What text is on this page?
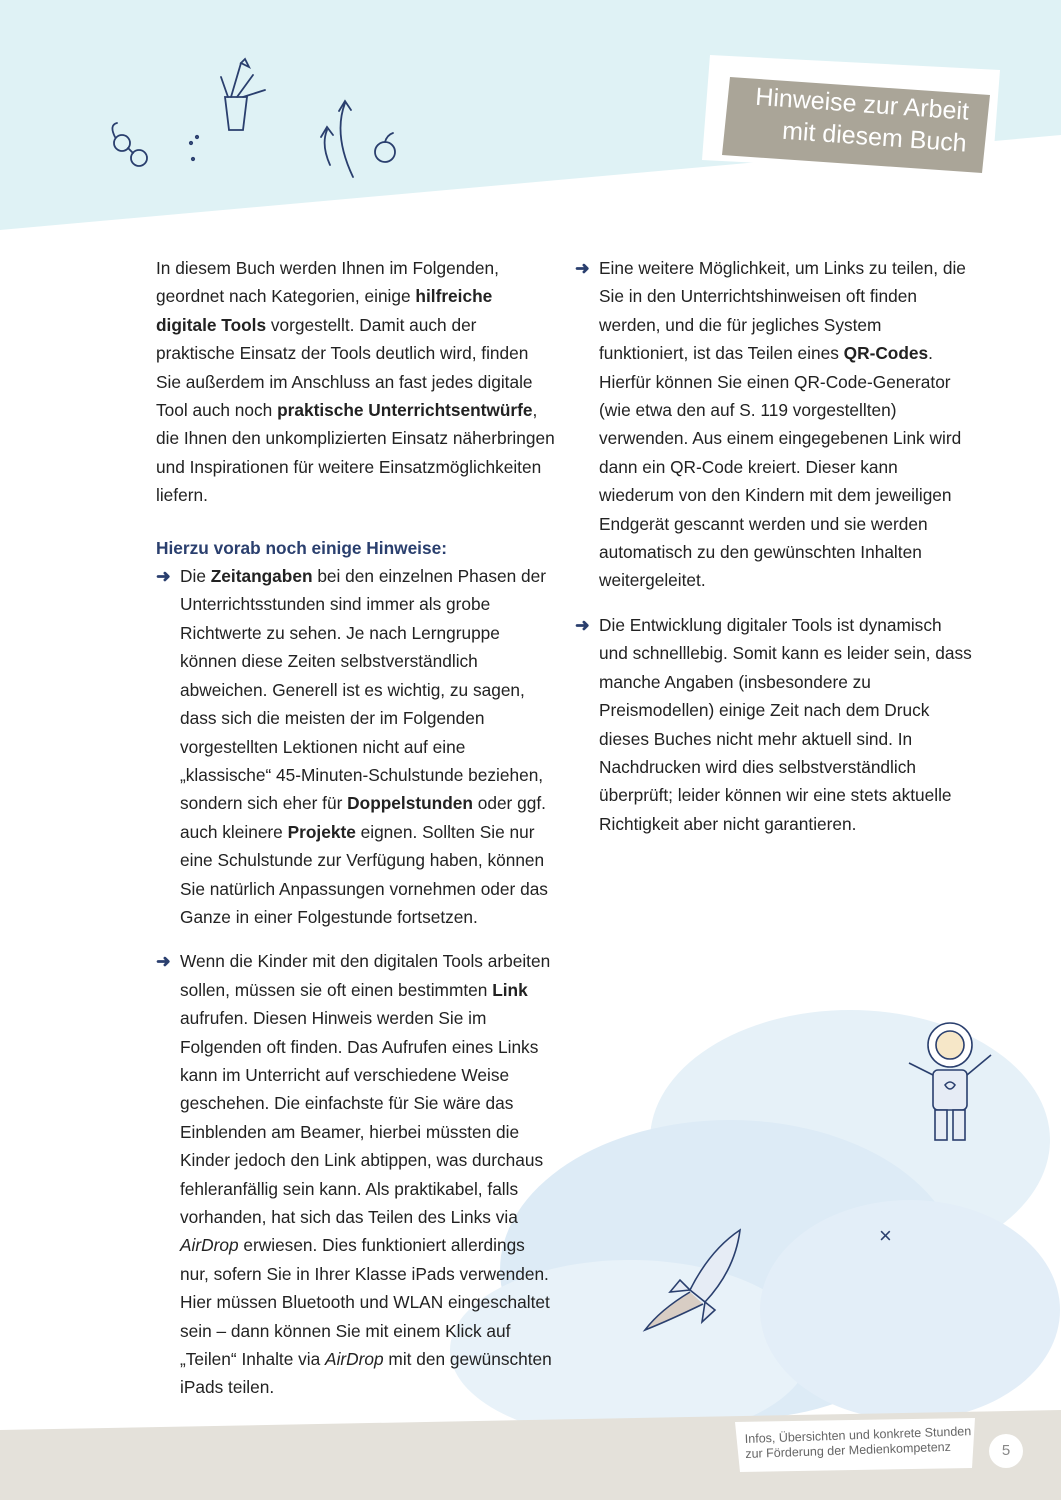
Hinweise zur Arbeit
mit diesem Buch
×

In diesem Buch werden Ihnen im Folgenden, geordnet nach Kategorien, einige hilfreiche digitale Tools vorgestellt. Damit auch der praktische Einsatz der Tools deutlich wird, finden Sie außerdem im Anschluss an fast jedes digitale Tool auch noch praktische Unterrichtsentwürfe, die Ihnen den unkomplizierten Einsatz näherbringen und Inspirationen für weitere Einsatzmöglichkeiten liefern.

Hierzu vorab noch einige Hinweise:

➜ Die Zeitangaben bei den einzelnen Phasen der Unterrichtsstunden sind immer als grobe Richtwerte zu sehen. Je nach Lerngruppe können diese Zeiten selbstverständlich abweichen. Generell ist es wichtig, zu sagen, dass sich die meisten der im Folgenden vorgestellten Lektionen nicht auf eine „klassische“ 45-Minuten-Schulstunde beziehen, sondern sich eher für Doppelstunden oder ggf. auch kleinere Projekte eignen. Sollten Sie nur eine Schulstunde zur Verfügung haben, können Sie natürlich Anpassungen vornehmen oder das Ganze in einer Folgestunde fortsetzen.

➜ Wenn die Kinder mit den digitalen Tools arbeiten sollen, müssen sie oft einen bestimmten Link aufrufen. Diesen Hinweis werden Sie im Folgenden oft finden. Das Aufrufen eines Links kann im Unterricht auf verschiedene Weise geschehen. Die einfachste für Sie wäre das Einblenden am Beamer, hierbei müssten die Kinder jedoch den Link abtippen, was durchaus fehleranfällig sein kann. Als praktikabel, falls vorhanden, hat sich das Teilen des Links via AirDrop erwiesen. Dies funktioniert allerdings nur, sofern Sie in Ihrer Klasse iPads verwenden. Hier müssen Bluetooth und WLAN eingeschaltet sein – dann können Sie mit einem Klick auf „Teilen“ Inhalte via AirDrop mit den gewünschten iPads teilen.

➜ Eine weitere Möglichkeit, um Links zu teilen, die Sie in den Unterrichtshinweisen oft finden werden, und die für jegliches System funktioniert, ist das Teilen eines QR-Codes. Hierfür können Sie einen QR-Code-Generator (wie etwa den auf S. 119 vorgestellten) verwenden. Aus einem eingegebenen Link wird dann ein QR-Code kreiert. Dieser kann wiederum von den Kindern mit dem jeweiligen Endgerät gescannt werden und sie werden automatisch zu den gewünschten Inhalten weitergeleitet.

➜ Die Entwicklung digitaler Tools ist dynamisch und schnelllebig. Somit kann es leider sein, dass manche Angaben (insbesondere zu Preismodellen) einige Zeit nach dem Druck dieses Buches nicht mehr aktuell sind. In Nachdrucken wird dies selbstverständlich überprüft; leider können wir eine stets aktuelle Richtigkeit aber nicht garantieren.

Infos, Übersichten und konkrete Stunden
zur Förderung der Medienkompetenz	5
